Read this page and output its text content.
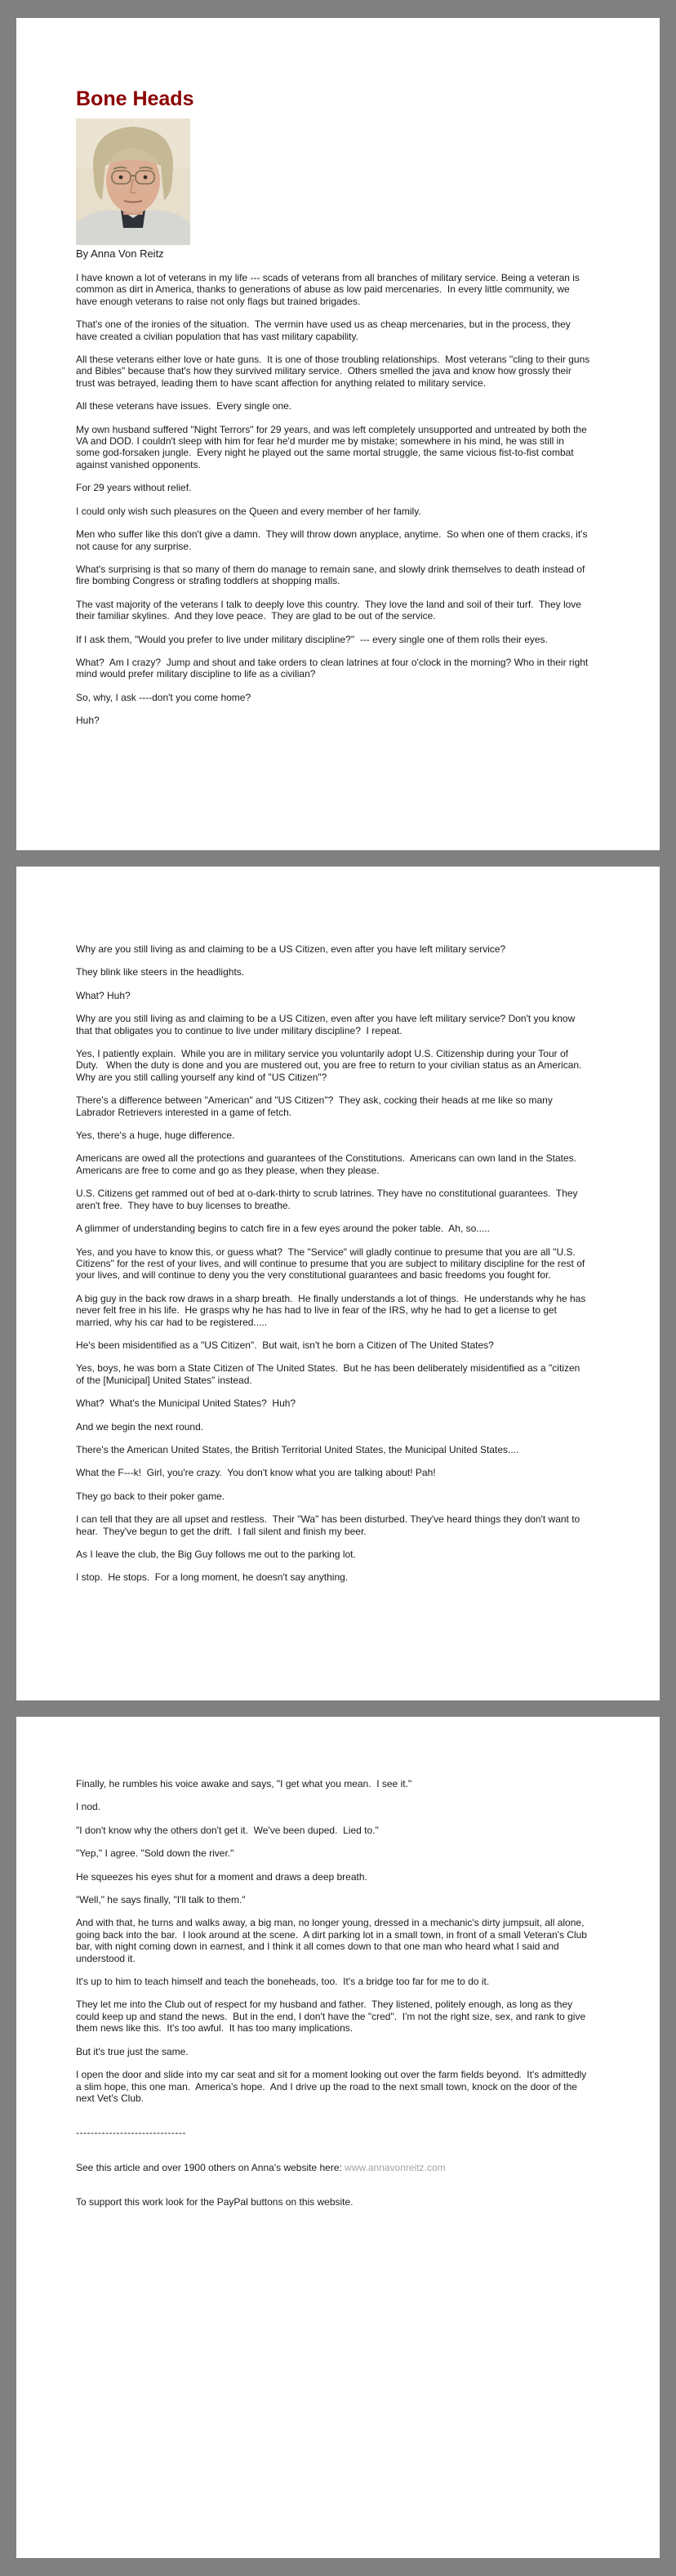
Bone Heads
By Anna Von Reitz

I have known a lot of veterans in my life --- scads of veterans from all branches of military service. Being a veteran is common as dirt in America, thanks to generations of abuse as low paid mercenaries.  In every little community, we have enough veterans to raise not only flags but trained brigades.

That's one of the ironies of the situation.  The vermin have used us as cheap mercenaries, but in the process, they have created a civilian population that has vast military capability.

All these veterans either love or hate guns.  It is one of those troubling relationships.  Most veterans "cling to their guns and Bibles" because that's how they survived military service.  Others smelled the java and know how grossly their trust was betrayed, leading them to have scant affection for anything related to military service.

All these veterans have issues.  Every single one.

My own husband suffered "Night Terrors" for 29 years, and was left completely unsupported and untreated by both the VA and DOD. I couldn't sleep with him for fear he'd murder me by mistake; somewhere in his mind, he was still in some god-forsaken jungle.  Every night he played out the same mortal struggle, the same vicious fist-to-fist combat against vanished opponents.

For 29 years without relief.

I could only wish such pleasures on the Queen and every member of her family.

Men who suffer like this don't give a damn.  They will throw down anyplace, anytime.  So when one of them cracks, it's not cause for any surprise.

What's surprising is that so many of them do manage to remain sane, and slowly drink themselves to death instead of fire bombing Congress or strafing toddlers at shopping malls.

The vast majority of the veterans I talk to deeply love this country.  They love the land and soil of their turf.  They love their familiar skylines.  And they love peace.  They are glad to be out of the service.

If I ask them, "Would you prefer to live under military discipline?"  --- every single one of them rolls their eyes.

What?  Am I crazy?  Jump and shout and take orders to clean latrines at four o'clock in the morning? Who in their right mind would prefer military discipline to life as a civilian?

So, why, I ask ----don't you come home?

Huh?

Why are you still living as and claiming to be a US Citizen, even after you have left military service?

They blink like steers in the headlights.

What? Huh?

Why are you still living as and claiming to be a US Citizen, even after you have left military service? Don't you know that that obligates you to continue to live under military discipline?  I repeat.

Yes, I patiently explain.  While you are in military service you voluntarily adopt U.S. Citizenship during your Tour of Duty.   When the duty is done and you are mustered out, you are free to return to your civilian status as an American.  Why are you still calling yourself any kind of "US Citizen"?

There's a difference between "American" and "US Citizen"?  They ask, cocking their heads at me like so many Labrador Retrievers interested in a game of fetch.

Yes, there's a huge, huge difference.

Americans are owed all the protections and guarantees of the Constitutions.  Americans can own land in the States.  Americans are free to come and go as they please, when they please.

U.S. Citizens get rammed out of bed at o-dark-thirty to scrub latrines. They have no constitutional guarantees.  They aren't free.  They have to buy licenses to breathe.

A glimmer of understanding begins to catch fire in a few eyes around the poker table.  Ah, so.....

Yes, and you have to know this, or guess what?  The "Service" will gladly continue to presume that you are all "U.S. Citizens" for the rest of your lives, and will continue to presume that you are subject to military discipline for the rest of your lives, and will continue to deny you the very constitutional guarantees and basic freedoms you fought for.

A big guy in the back row draws in a sharp breath.  He finally understands a lot of things.  He understands why he has never felt free in his life.  He grasps why he has had to live in fear of the IRS, why he had to get a license to get married, why his car had to be registered.....

He's been misidentified as a "US Citizen".  But wait, isn't he born a Citizen of The United States?

Yes, boys, he was born a State Citizen of The United States.  But he has been deliberately misidentified as a "citizen of the [Municipal] United States" instead.

What?  What's the Municipal United States?  Huh?

And we begin the next round.

There's the American United States, the British Territorial United States, the Municipal United States....

What the F---k!  Girl, you're crazy.  You don't know what you are talking about! Pah!

They go back to their poker game.

I can tell that they are all upset and restless.  Their "Wa" has been disturbed. They've heard things they don't want to hear.  They've begun to get the drift.  I fall silent and finish my beer.

As I leave the club, the Big Guy follows me out to the parking lot.

I stop.  He stops.  For a long moment, he doesn't say anything.

Finally, he rumbles his voice awake and says, "I get what you mean.  I see it."

I nod.

"I don't know why the others don't get it.  We've been duped.  Lied to."

"Yep," I agree. "Sold down the river."

He squeezes his eyes shut for a moment and draws a deep breath.

"Well," he says finally, "I'll talk to them."

And with that, he turns and walks away, a big man, no longer young, dressed in a mechanic's dirty jumpsuit, all alone, going back into the bar.  I look around at the scene.  A dirt parking lot in a small town, in front of a small Veteran's Club bar, with night coming down in earnest, and I think it all comes down to that one man who heard what I said and understood it.

It's up to him to teach himself and teach the boneheads, too.  It's a bridge too far for me to do it.

They let me into the Club out of respect for my husband and father.  They listened, politely enough, as long as they could keep up and stand the news.  But in the end, I don't have the "cred".  I'm not the right size, sex, and rank to give them news like this.  It's too awful.  It has too many implications.

But it's true just the same.

I open the door and slide into my car seat and sit for a moment looking out over the farm fields beyond.  It's admittedly a slim hope, this one man.  America's hope.  And I drive up the road to the next small town, knock on the door of the next Vet's Club.

------------------------------

See this article and over 1900 others on Anna's website here: www.annavonreitz.com

To support this work look for the PayPal buttons on this website.
